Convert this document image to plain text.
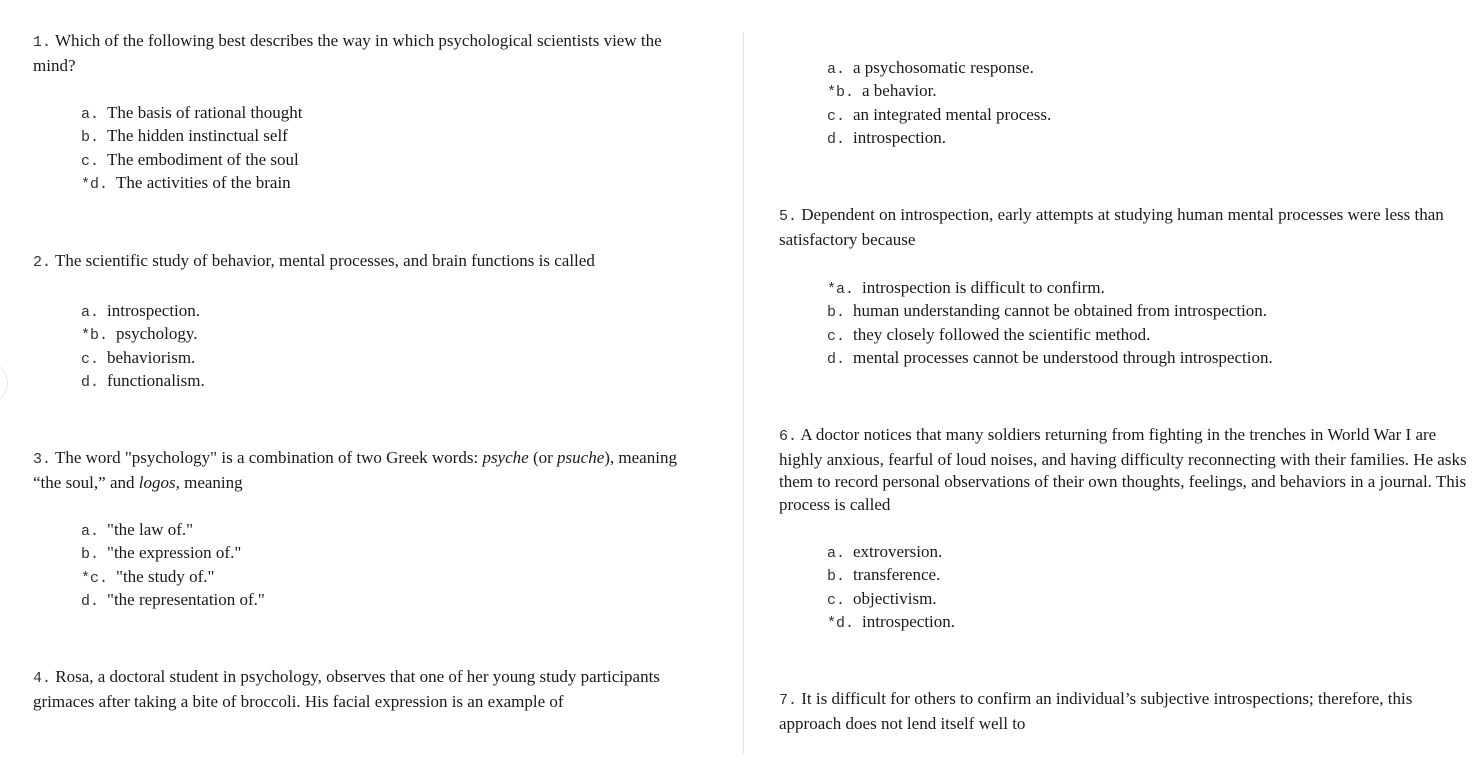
1. Which of the following best describes the way in which psychological scientists view the mind?

a. The basis of rational thought
b. The hidden instinctual self
c. The embodiment of the soul
*d. The activities of the brain

2. The scientific study of behavior, mental processes, and brain functions is called

a. introspection.
*b. psychology.
c. behaviorism.
d. functionalism.

3. The word "psychology" is a combination of two Greek words: psyche (or psuche), meaning “the soul,” and logos, meaning

a. "the law of."
b. "the expression of."
*c. "the study of."
d. "the representation of."

4. Rosa, a doctoral student in psychology, observes that one of her young study participants grimaces after taking a bite of broccoli. His facial expression is an example of

a. a psychosomatic response.
*b. a behavior.
c. an integrated mental process.
d. introspection.

5. Dependent on introspection, early attempts at studying human mental processes were less than satisfactory because

*a. introspection is difficult to confirm.
b. human understanding cannot be obtained from introspection.
c. they closely followed the scientific method.
d. mental processes cannot be understood through introspection.

6. A doctor notices that many soldiers returning from fighting in the trenches in World War I are highly anxious, fearful of loud noises, and having difficulty reconnecting with their families. He asks them to record personal observations of their own thoughts, feelings, and behaviors in a journal. This process is called

a. extroversion.
b. transference.
c. objectivism.
*d. introspection.

7. It is difficult for others to confirm an individual’s subjective introspections; therefore, this approach does not lend itself well to
